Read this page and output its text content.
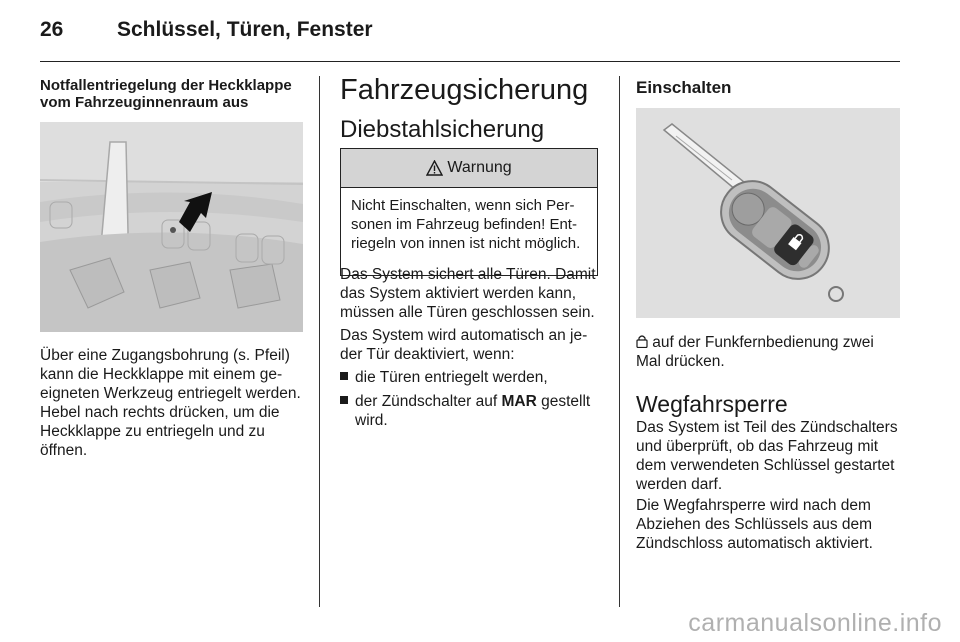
26	Schlüssel, Türen, Fenster
Notfallentriegelung der Heckklappe vom Fahrzeuginnenraum aus

Über eine Zugangsbohrung (s. Pfeil) kann die Heckklappe mit einem geeigneten Werkzeug entriegelt werden. Hebel nach rechts drücken, um die Heckklappe zu entriegeln und zu öffnen.

Fahrzeugsicherung
Diebstahlsicherung
Warnung
Nicht Einschalten, wenn sich Personen im Fahrzeug befinden! Entriegeln von innen ist nicht möglich.

Das System sichert alle Türen. Damit das System aktiviert werden kann, müssen alle Türen geschlossen sein.

Das System wird automatisch an jeder Tür deaktiviert, wenn:

die Türen entriegelt werden,
der Zündschalter auf MAR gestellt
wird.
Einschalten

auf der Funkfernbedienung zwei Mal drücken.

Wegfahrsperre

Das System ist Teil des Zündschalters und überprüft, ob das Fahrzeug mit dem verwendeten Schlüssel gestartet werden darf.

Die Wegfahrsperre wird nach dem Abziehen des Schlüssels aus dem Zündschloss automatisch aktiviert.

carmanualsonline.info
